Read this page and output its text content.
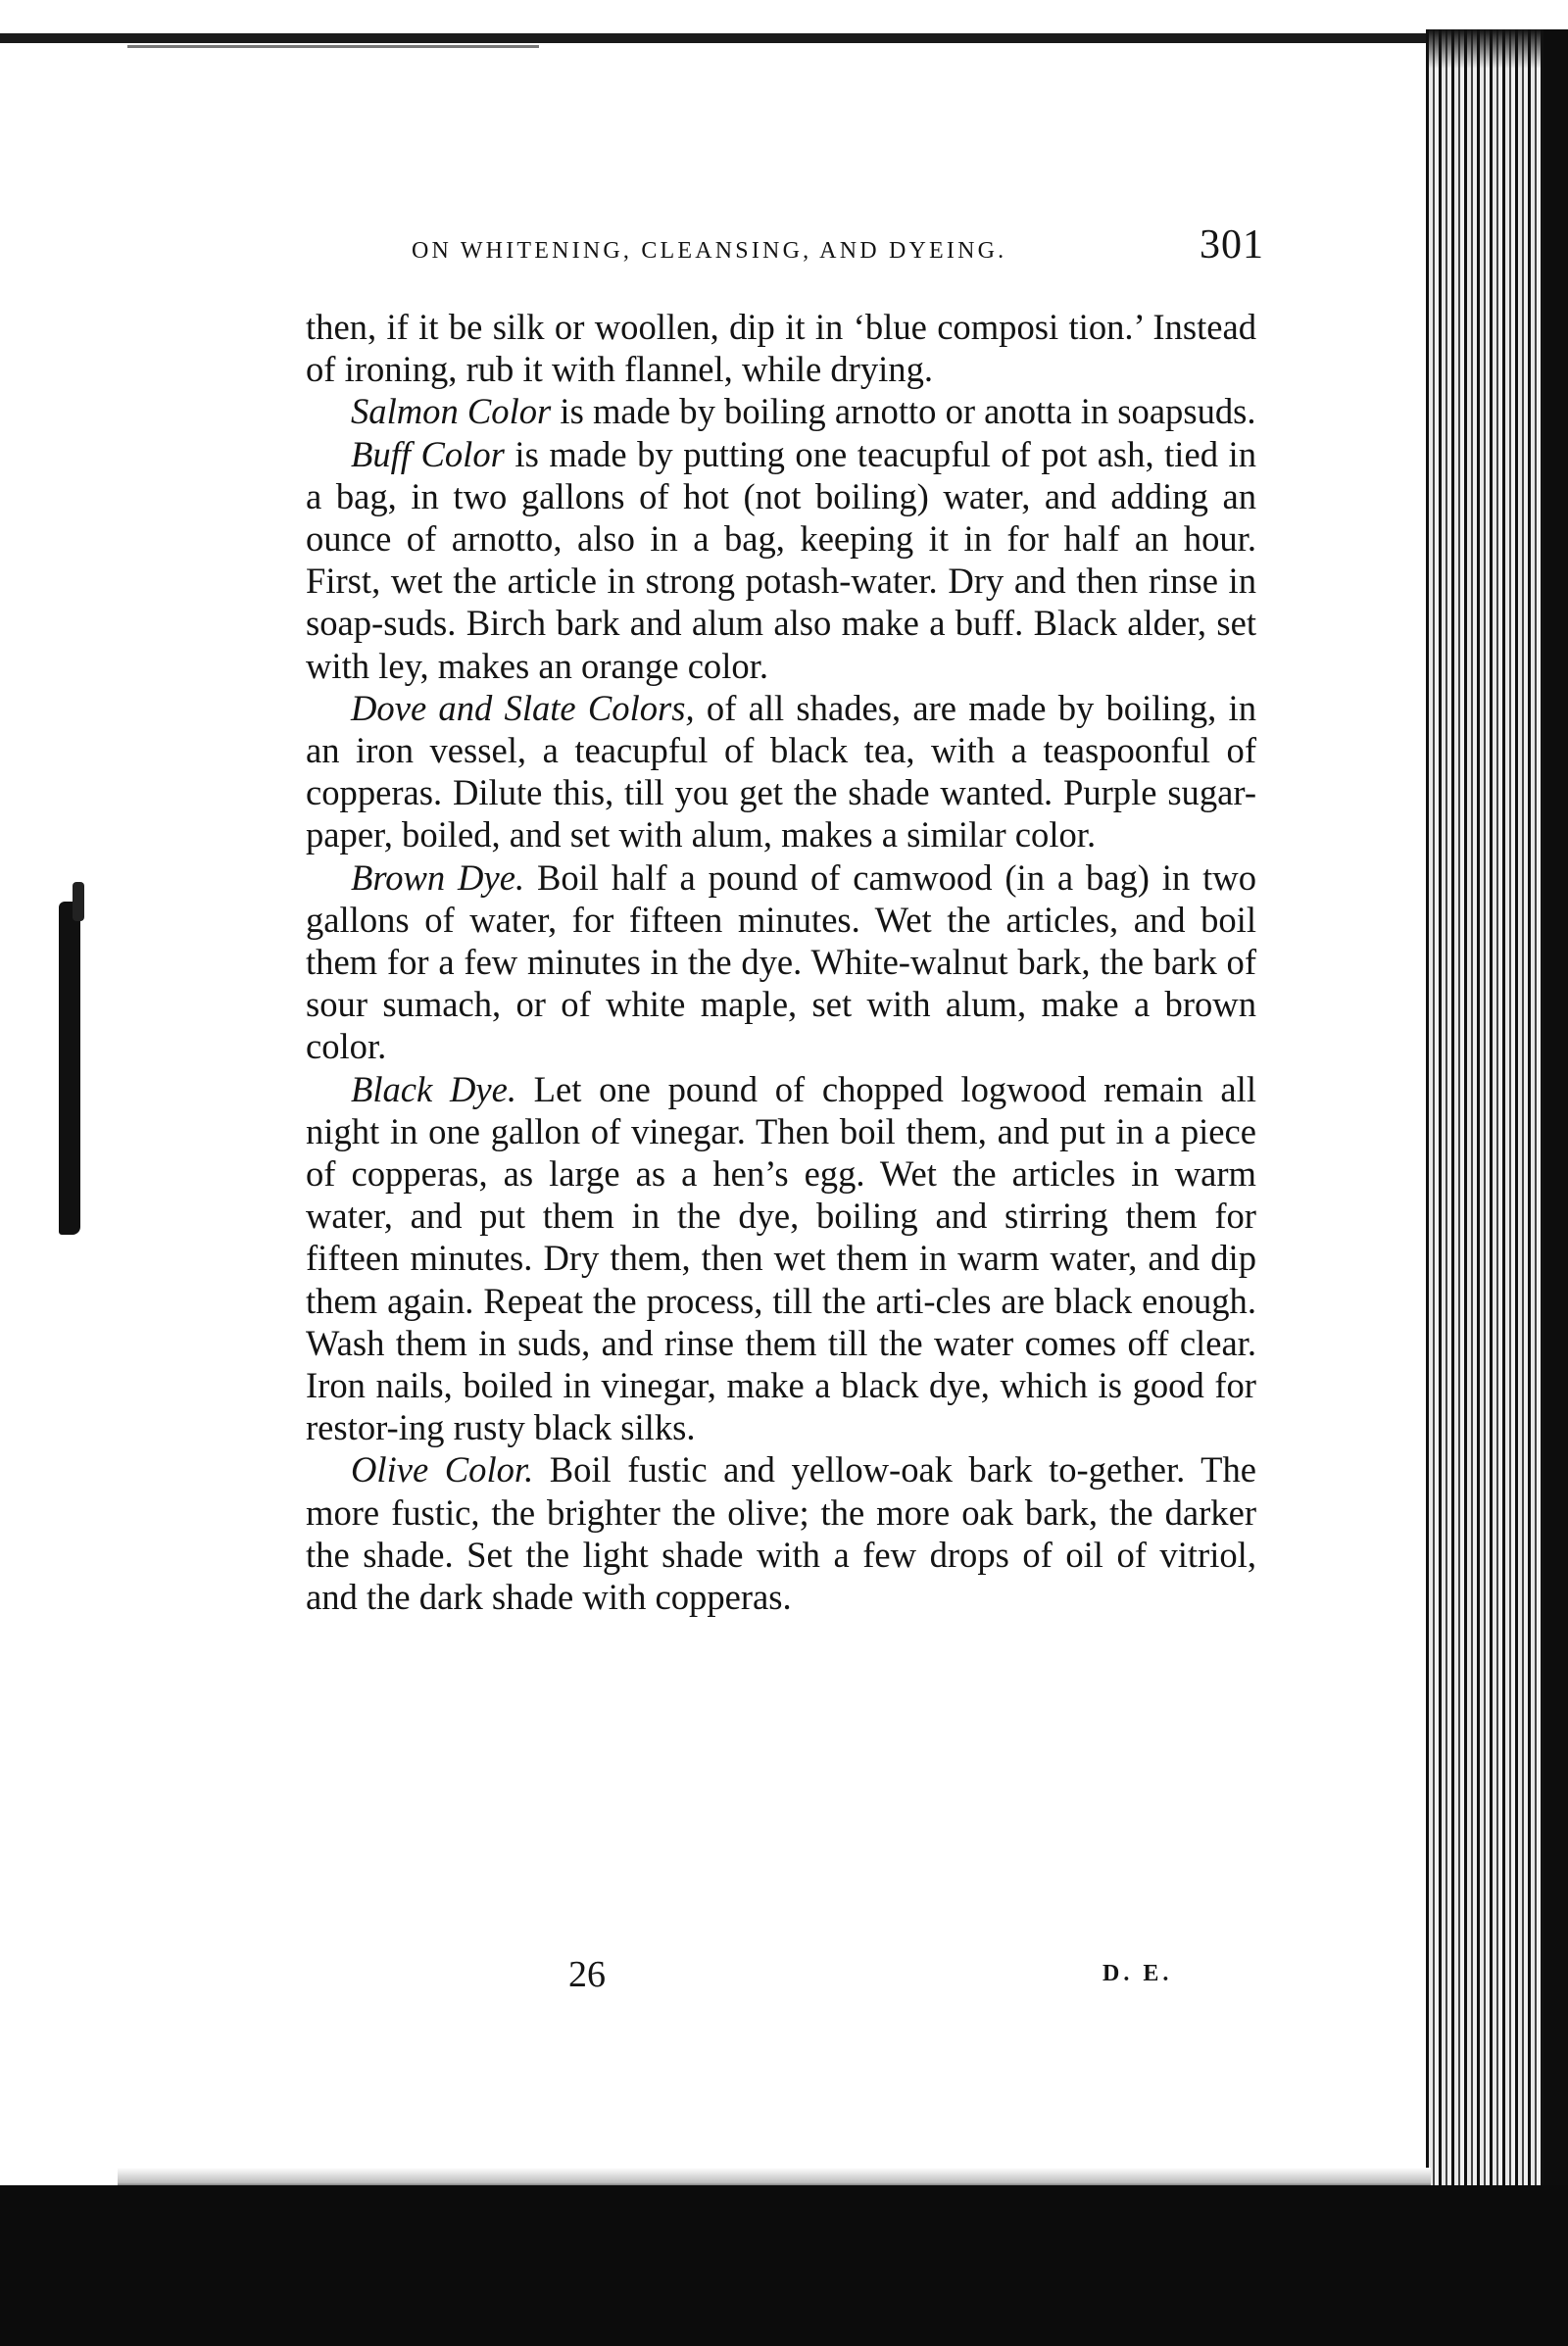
ON WHITENING, CLEANSING, AND DYEING.	301

then, if it be silk or woollen, dip it in ‘blue composi tion.’ Instead of ironing, rub it with flannel, while drying.

Salmon Color is made by boiling arnotto or anotta in soapsuds.

Buff Color is made by putting one teacupful of pot ash, tied in a bag, in two gallons of hot (not boiling) water, and adding an ounce of arnotto, also in a bag, keeping it in for half an hour. First, wet the article in strong potash-water. Dry and then rinse in soap-suds. Birch bark and alum also make a buff. Black alder, set with ley, makes an orange color.

Dove and Slate Colors, of all shades, are made by boiling, in an iron vessel, a teacupful of black tea, with a teaspoonful of copperas. Dilute this, till you get the shade wanted. Purple sugar-paper, boiled, and set with alum, makes a similar color.

Brown Dye. Boil half a pound of camwood (in a bag) in two gallons of water, for fifteen minutes. Wet the articles, and boil them for a few minutes in the dye. White-walnut bark, the bark of sour sumach, or of white maple, set with alum, make a brown color.

Black Dye. Let one pound of chopped logwood remain all night in one gallon of vinegar. Then boil them, and put in a piece of copperas, as large as a hen’s egg. Wet the articles in warm water, and put them in the dye, boiling and stirring them for fifteen minutes. Dry them, then wet them in warm water, and dip them again. Repeat the process, till the arti-cles are black enough. Wash them in suds, and rinse them till the water comes off clear. Iron nails, boiled in vinegar, make a black dye, which is good for restor-ing rusty black silks.

Olive Color. Boil fustic and yellow-oak bark to-gether. The more fustic, the brighter the olive; the more oak bark, the darker the shade. Set the light shade with a few drops of oil of vitriol, and the dark shade with copperas.

26	D. E.
